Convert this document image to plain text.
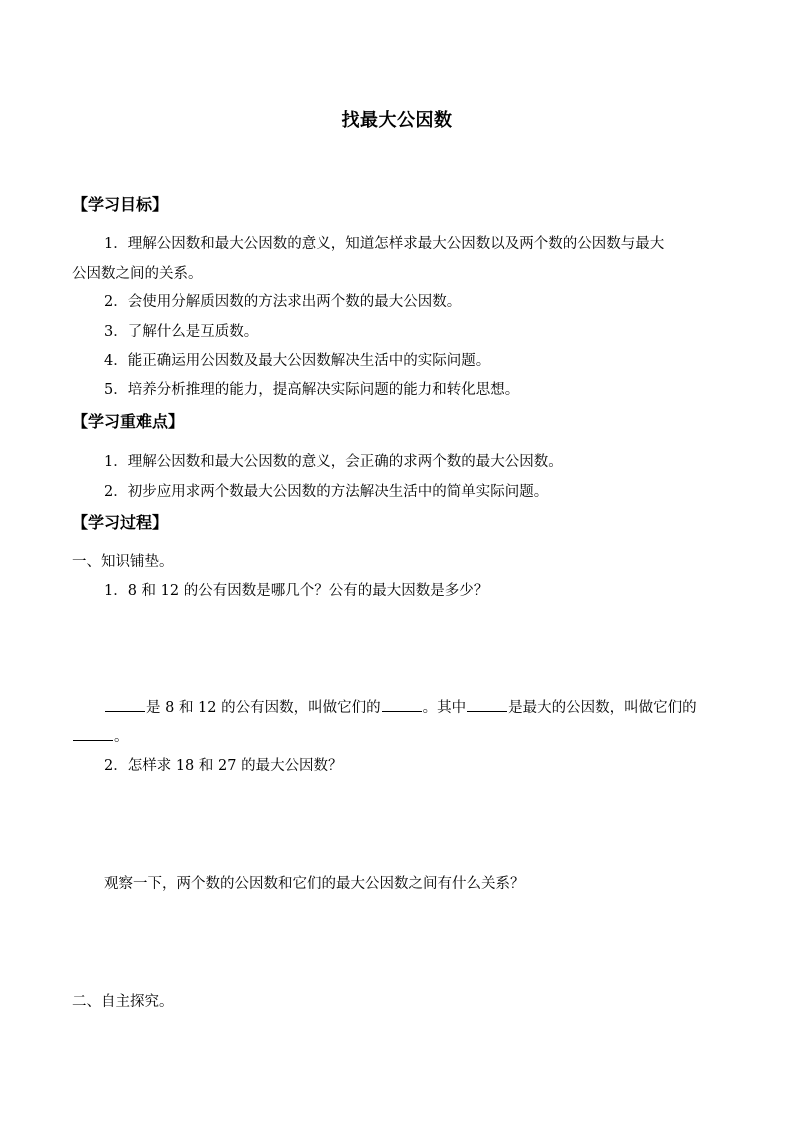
找最大公因数
【学习目标】
1．理解公因数和最大公因数的意义，知道怎样求最大公因数以及两个数的公因数与最大
公因数之间的关系。
2．会使用分解质因数的方法求出两个数的最大公因数。
3．了解什么是互质数。
4．能正确运用公因数及最大公因数解决生活中的实际问题。
5．培养分析推理的能力，提高解决实际问题的能力和转化思想。
【学习重难点】
1．理解公因数和最大公因数的意义，会正确的求两个数的最大公因数。
2．初步应用求两个数最大公因数的方法解决生活中的简单实际问题。
【学习过程】
一、知识铺垫。
1．8 和 12 的公有因数是哪几个？公有的最大因数是多少？
是 8 和 12 的公有因数，叫做它们的	。其中	是最大的公因数，叫做它们的
。
2．怎样求 18 和 27 的最大公因数？
观察一下，两个数的公因数和它们的最大公因数之间有什么关系？
二、自主探究。
